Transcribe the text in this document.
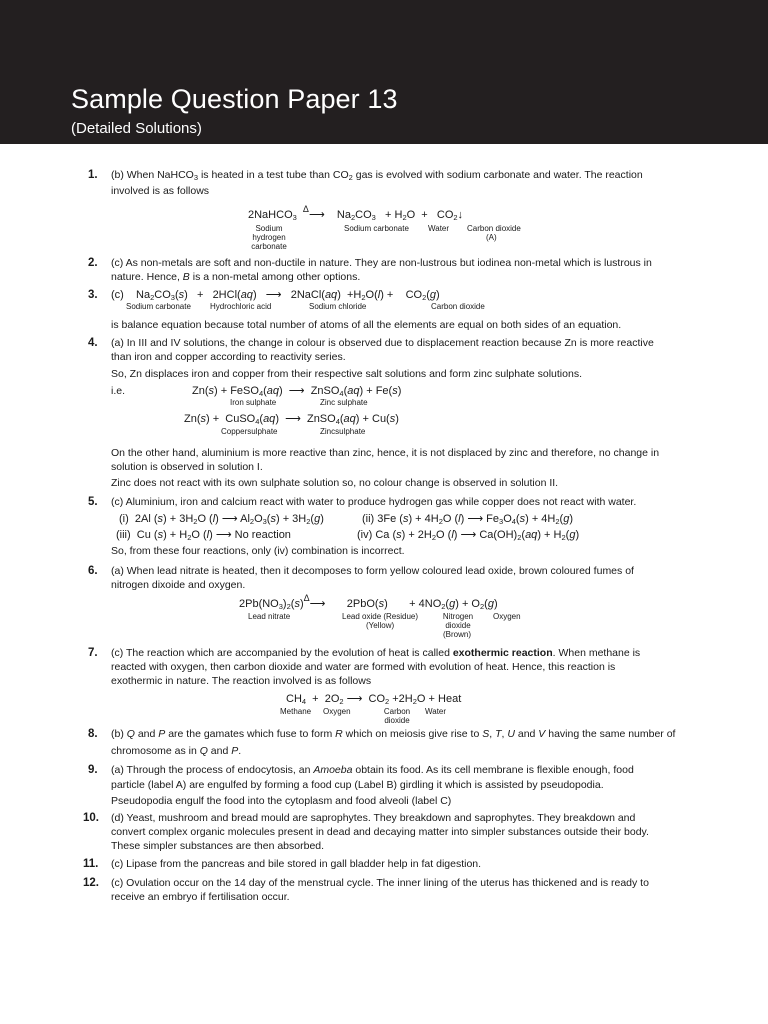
Sample Question Paper 13
(Detailed Solutions)
1. (b) When NaHCO$_3$ is heated in a test tube than $CO_2$ gas is evolved with sodium carbonate and water. The reaction
involved is as follows
2NaHCO$_3$  $^\Delta$⟶    $Na_2CO_3 + H_2O$  +   $CO_2↓$
Sodium hydrogen carbonate
Sodium carbonate Water Carbon dioxide
(A)
2. (c) As non-metals are soft and non-ductile in nature. They are non-lustrous but iodinea non-metal which is lustrous in
nature. Hence, B is a non-metal among other options.
3. (c)    $Na_2CO_3(s) + 2HCl(aq)$   ⟶   2NaCl(aq)  $+H_2O(l)$ +    $CO_2(g)$
Sodium carbonate Hydrochloric acid	Sodium chloride	Carbon dioxide
is balance equation because total number of atoms of all the elements are equal on both sides of an equation.
4. (a) In III and IV solutions, the change in colour is observed due to displacement reaction because Zn is more reactive
than iron and copper according to reactivity series.
So, Zn displaces iron and copper from their respective salt solutions and form zinc sulphate solutions.
i.e.	Zn(s) + FeSO$_4$(aq)  ⟶  ZnSO$_4$(aq) + Fe(s)
Iron sulphate	Zinc sulphate
Zn(s) +  CuSO$_4$(aq)  ⟶  ZnSO$_4$(aq) + Cu(s)
Coppersulphate	Zincsulphate
On the other hand, aluminium is more reactive than zinc, hence, it is not displaced by zinc and therefore, no change in
solution is observed in solution I.
Zinc does not react with its own sulphate solution so, no colour change is observed in solution II.
5. (c) Aluminium, iron and calcium react with water to produce hydrogen gas while copper does not react with water.
(i)  2Al $(s) + 3H_2O$ (l) ⟶ $Al_2O_3(s) + 3H_2(g)$	(ii) 3Fe $(s) + 4H_2O$ (l) ⟶ $Fe_3O_4(s) + 4H_2(g)$
(iii)  Cu $(s) + H_2O$ (l) ⟶ No reaction	(iv) Ca $(s) + 2H_2O$ (l) ⟶ $Ca(OH)_2(aq) + H_2(g)$
So, from these four reactions, only (iv) combination is incorrect.
6. (a) When lead nitrate is heated, then it decomposes to form yellow coloured lead oxide, brown coloured fumes of
nitrogen dixoide and oxygen.
$2Pb(NO_3)_2(s)^\Delta⟶$       2PbO(s)       + $4NO_2(g) + O_2(g)$
Lead nitrate	Lead oxide (Residue)
(Yellow)
Nitrogen dioxide
(Brown)
Oxygen
7. (c) The reaction which are accompanied by the evolution of heat is called exothermic reaction. When methane is
reacted with oxygen, then carbon dioxide and water are formed with evolution of heat. Hence, this reaction is
exothermic in nature. The reaction involved is as follows
$CH_4 + 2O_2$ ⟶  $CO_2 +2H_2O$ + Heat
Methane Oxygen	Carbon dioxide
Water
8. (b) Q and P are the gamates which fuse to form R which on meiosis give rise to S, T, U and V having the same number of
chromosome as in Q and P.
9. (a) Through the process of endocytosis, an Amoeba obtain its food. As its cell membrane is flexible enough, food
particle (label A) are engulfed by forming a food cup (Label B) girdling it which is assisted by pseudopodia.
Pseudopodia engulf the food into the cytoplasm and food alveoli (label C)
10. (d) Yeast, mushroom and bread mould are saprophytes. They breakdown and saprophytes. They breakdown and
convert complex organic molecules present in dead and decaying matter into simpler substances outside their body.
These simpler substances are then absorbed.
11. (c) Lipase from the pancreas and bile stored in gall bladder help in fat digestion.
12. (c) Ovulation occur on the 14 day of the menstrual cycle. The inner lining of the uterus has thickened and is ready to
receive an embryo if fertilisation occur.
